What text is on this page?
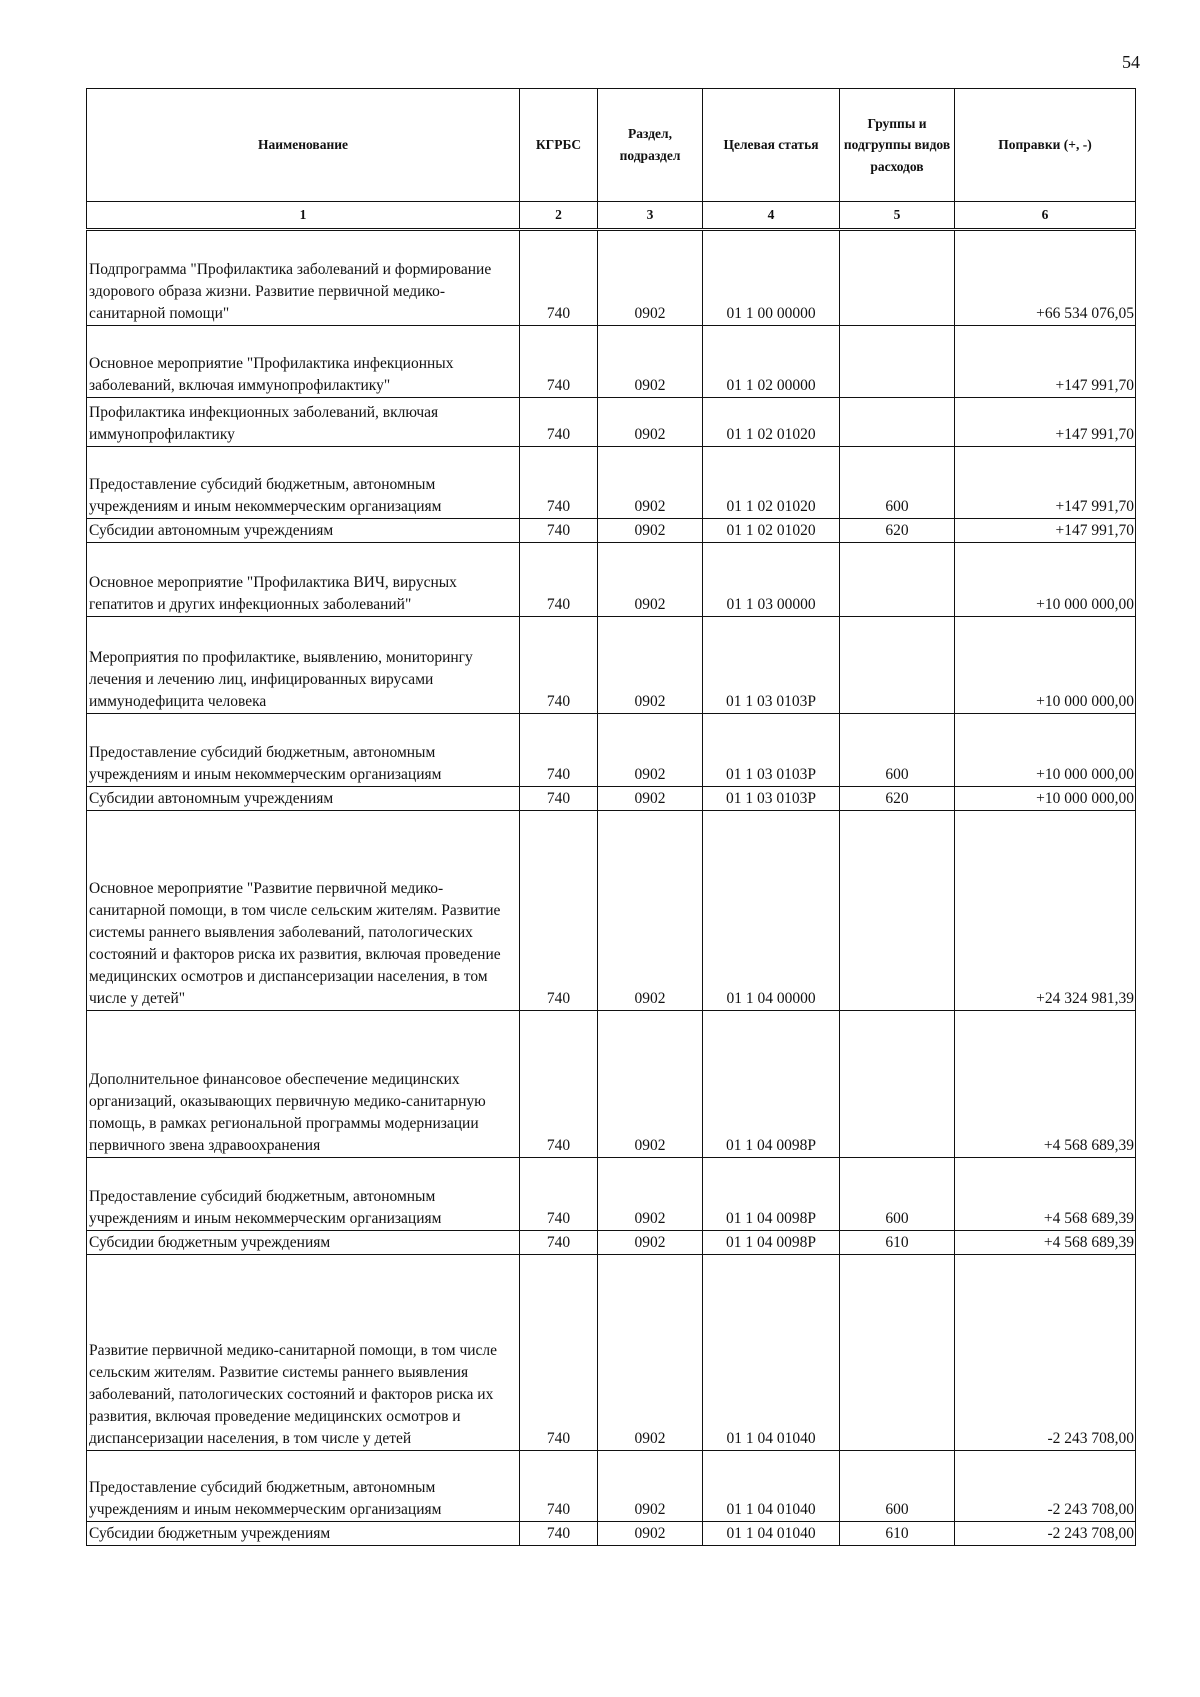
54
Наименование	КГРБС	Раздел, подраздел	Целевая статья	Группы и подгруппы видов расходов	Поправки (+, -)
1	2	3	4	5	6
Подпрограмма "Профилактика заболеваний и формирование здорового образа жизни. Развитие первичной медико-санитарной помощи"	740	0902	01 1 00 00000		+66 534 076,05
Основное мероприятие "Профилактика инфекционных заболеваний, включая иммунопрофилактику"	740	0902	01 1 02 00000		+147 991,70
Профилактика инфекционных заболеваний, включая иммунопрофилактику	740	0902	01 1 02 01020		+147 991,70
Предоставление субсидий бюджетным, автономным учреждениям и иным некоммерческим организациям	740	0902	01 1 02 01020	600	+147 991,70
Субсидии автономным учреждениям	740	0902	01 1 02 01020	620	+147 991,70
Основное мероприятие "Профилактика ВИЧ, вирусных гепатитов и других инфекционных заболеваний"	740	0902	01 1 03 00000		+10 000 000,00
Мероприятия по профилактике, выявлению, мониторингу лечения и лечению лиц, инфицированных вирусами иммунодефицита человека	740	0902	01 1 03 0103Р		+10 000 000,00
Предоставление субсидий бюджетным, автономным учреждениям и иным некоммерческим организациям	740	0902	01 1 03 0103Р	600	+10 000 000,00
Субсидии автономным учреждениям	740	0902	01 1 03 0103Р	620	+10 000 000,00
Основное мероприятие "Развитие первичной медико-санитарной помощи, в том числе сельским жителям. Развитие системы раннего выявления заболеваний, патологических состояний и факторов риска их развития, включая проведение медицинских осмотров и диспансеризации населения, в том числе у детей"	740	0902	01 1 04 00000		+24 324 981,39
Дополнительное финансовое обеспечение медицинских организаций, оказывающих первичную медико-санитарную помощь, в рамках региональной программы модернизации первичного звена здравоохранения	740	0902	01 1 04 0098Р		+4 568 689,39
Предоставление субсидий бюджетным, автономным учреждениям и иным некоммерческим организациям	740	0902	01 1 04 0098Р	600	+4 568 689,39
Субсидии бюджетным учреждениям	740	0902	01 1 04 0098Р	610	+4 568 689,39
Развитие первичной медико-санитарной помощи, в том числе сельским жителям. Развитие системы раннего выявления заболеваний, патологических состояний и факторов риска их развития, включая проведение медицинских осмотров и диспансеризации населения, в том числе у детей	740	0902	01 1 04 01040		-2 243 708,00
Предоставление субсидий бюджетным, автономным учреждениям и иным некоммерческим организациям	740	0902	01 1 04 01040	600	-2 243 708,00
Субсидии бюджетным учреждениям	740	0902	01 1 04 01040	610	-2 243 708,00
